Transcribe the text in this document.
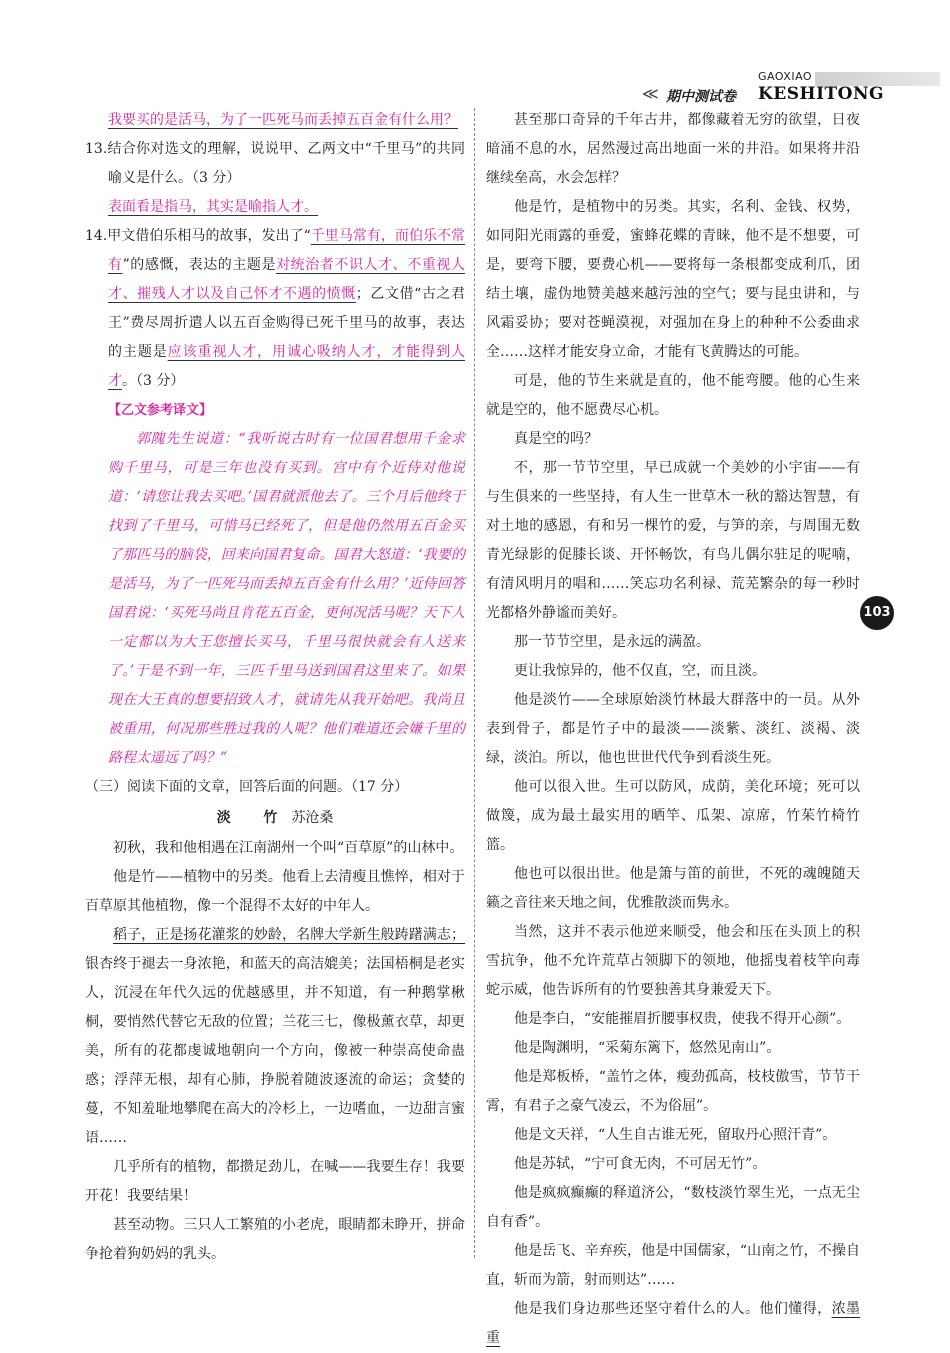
GAOXIAO
≪ 期中测试卷 KESHITONG
103

我要买的是活马，为了一匹死马而丢掉五百金有什么用？

13.结合你对选文的理解，说说甲、乙两文中“千里马”的共同喻义是什么。（3 分）

表面看是指马，其实是喻指人才。

14.甲文借伯乐相马的故事，发出了“千里马常有，而伯乐不常有”的感慨，表达的主题是对统治者不识人才、不重视人才、摧残人才以及自己怀才不遇的愤慨；乙文借“古之君王”费尽周折遣人以五百金购得已死千里马的故事，表达的主题是应该重视人才，用诚心吸纳人才，才能得到人才。（3 分）

【乙文参考译文】

郭隗先生说道：“我听说古时有一位国君想用千金求购千里马，可是三年也没有买到。宫中有个近侍对他说道：‘请您让我去买吧。’国君就派他去了。三个月后他终于找到了千里马，可惜马已经死了，但是他仍然用五百金买了那匹马的脑袋，回来向国君复命。国君大怒道：‘我要的是活马，为了一匹死马而丢掉五百金有什么用？’近侍回答国君说：‘买死马尚且肯花五百金，更何况活马呢？天下人一定都以为大王您擅长买马，千里马很快就会有人送来了。’于是不到一年，三匹千里马送到国君这里来了。如果现在大王真的想要招致人才，就请先从我开始吧。我尚且被重用，何况那些胜过我的人呢？他们难道还会嫌千里的路程太遥远了吗？”

（三）阅读下面的文章，回答后面的问题。（17 分）

淡 竹苏沧桑

初秋，我和他相遇在江南湖州一个叫“百草原”的山林中。

他是竹——植物中的另类。他看上去清瘦且憔悴，相对于百草原其他植物，像一个混得不太好的中年人。

稻子，正是扬花灌浆的妙龄，名牌大学新生般踌躇满志；银杏终于褪去一身浓艳，和蓝天的高洁媲美；法国梧桐是老实人，沉浸在年代久远的优越感里，并不知道，有一种鹅掌楸桐，要悄然代替它无敌的位置；兰花三七，像极薰衣草，却更美，所有的花都虔诚地朝向一个方向，像被一种崇高使命蛊惑；浮萍无根，却有心肺，挣脱着随波逐流的命运；贪婪的蔓，不知羞耻地攀爬在高大的冷杉上，一边嗜血，一边甜言蜜语……

几乎所有的植物，都攒足劲儿，在喊——我要生存！我要开花！我要结果！

甚至动物。三只人工繁殖的小老虎，眼睛都未睁开，拼命争抢着狗奶妈的乳头。

甚至那口奇异的千年古井，都像藏着无穷的欲望，日夜暗涌不息的水，居然漫过高出地面一米的井沿。如果将井沿继续垒高，水会怎样？

他是竹，是植物中的另类。其实，名利、金钱、权势，如同阳光雨露的垂爱，蜜蜂花蝶的青睐，他不是不想要，可是，要弯下腰，要费心机——要将每一条根都变成利爪，团结土壤，虚伪地赞美越来越污浊的空气；要与昆虫讲和，与风霜妥协；要对苍蝇漠视，对强加在身上的种种不公委曲求全……这样才能安身立命，才能有飞黄腾达的可能。

可是，他的节生来就是直的，他不能弯腰。他的心生来就是空的，他不愿费尽心机。

真是空的吗？

不，那一节节空里，早已成就一个美妙的小宇宙——有与生俱来的一些坚持，有人生一世草木一秋的豁达智慧，有对土地的感恩，有和另一棵竹的爱，与笋的亲，与周围无数青光绿影的促膝长谈、开怀畅饮，有鸟儿偶尔驻足的呢喃，有清风明月的唱和……笑忘功名利禄、荒芜繁杂的每一秒时光都格外静谧而美好。

那一节节空里，是永远的满盈。

更让我惊异的，他不仅直，空，而且淡。

他是淡竹——全球原始淡竹林最大群落中的一员。从外表到骨子，都是竹子中的最淡——淡紫、淡红、淡褐、淡绿，淡泊。所以，他也世世代代争到看淡生死。

他可以很入世。生可以防风，成荫，美化环境；死可以做篾，成为最土最实用的晒竿、瓜架、凉席，竹茱竹椅竹篮。

他也可以很出世。他是箫与笛的前世，不死的魂魄随天籁之音往来天地之间，优雅散淡而隽永。

当然，这并不表示他逆来顺受，他会和压在头顶上的积雪抗争，他不允许荒草占领脚下的领地，他摇曳着枝竿向毒蛇示威，他告诉所有的竹要独善其身兼爱天下。

他是李白，“安能摧眉折腰事权贵，使我不得开心颜”。

他是陶渊明，“采菊东篱下，悠然见南山”。

他是郑板桥，“盖竹之体，瘦劲孤高，枝枝傲雪，节节干霄，有君子之豪气凌云，不为俗屈”。

他是文天祥，“人生自古谁无死，留取丹心照汗青”。

他是苏轼，“宁可食无肉，不可居无竹”。

他是疯疯癫癫的释道济公，“数枝淡竹翠生光，一点无尘自有香”。

他是岳飞、辛弃疾，他是中国儒家，“山南之竹，不操自直，斩而为箭，射而则达”……

他是我们身边那些还坚守着什么的人。他们懂得，浓墨重
